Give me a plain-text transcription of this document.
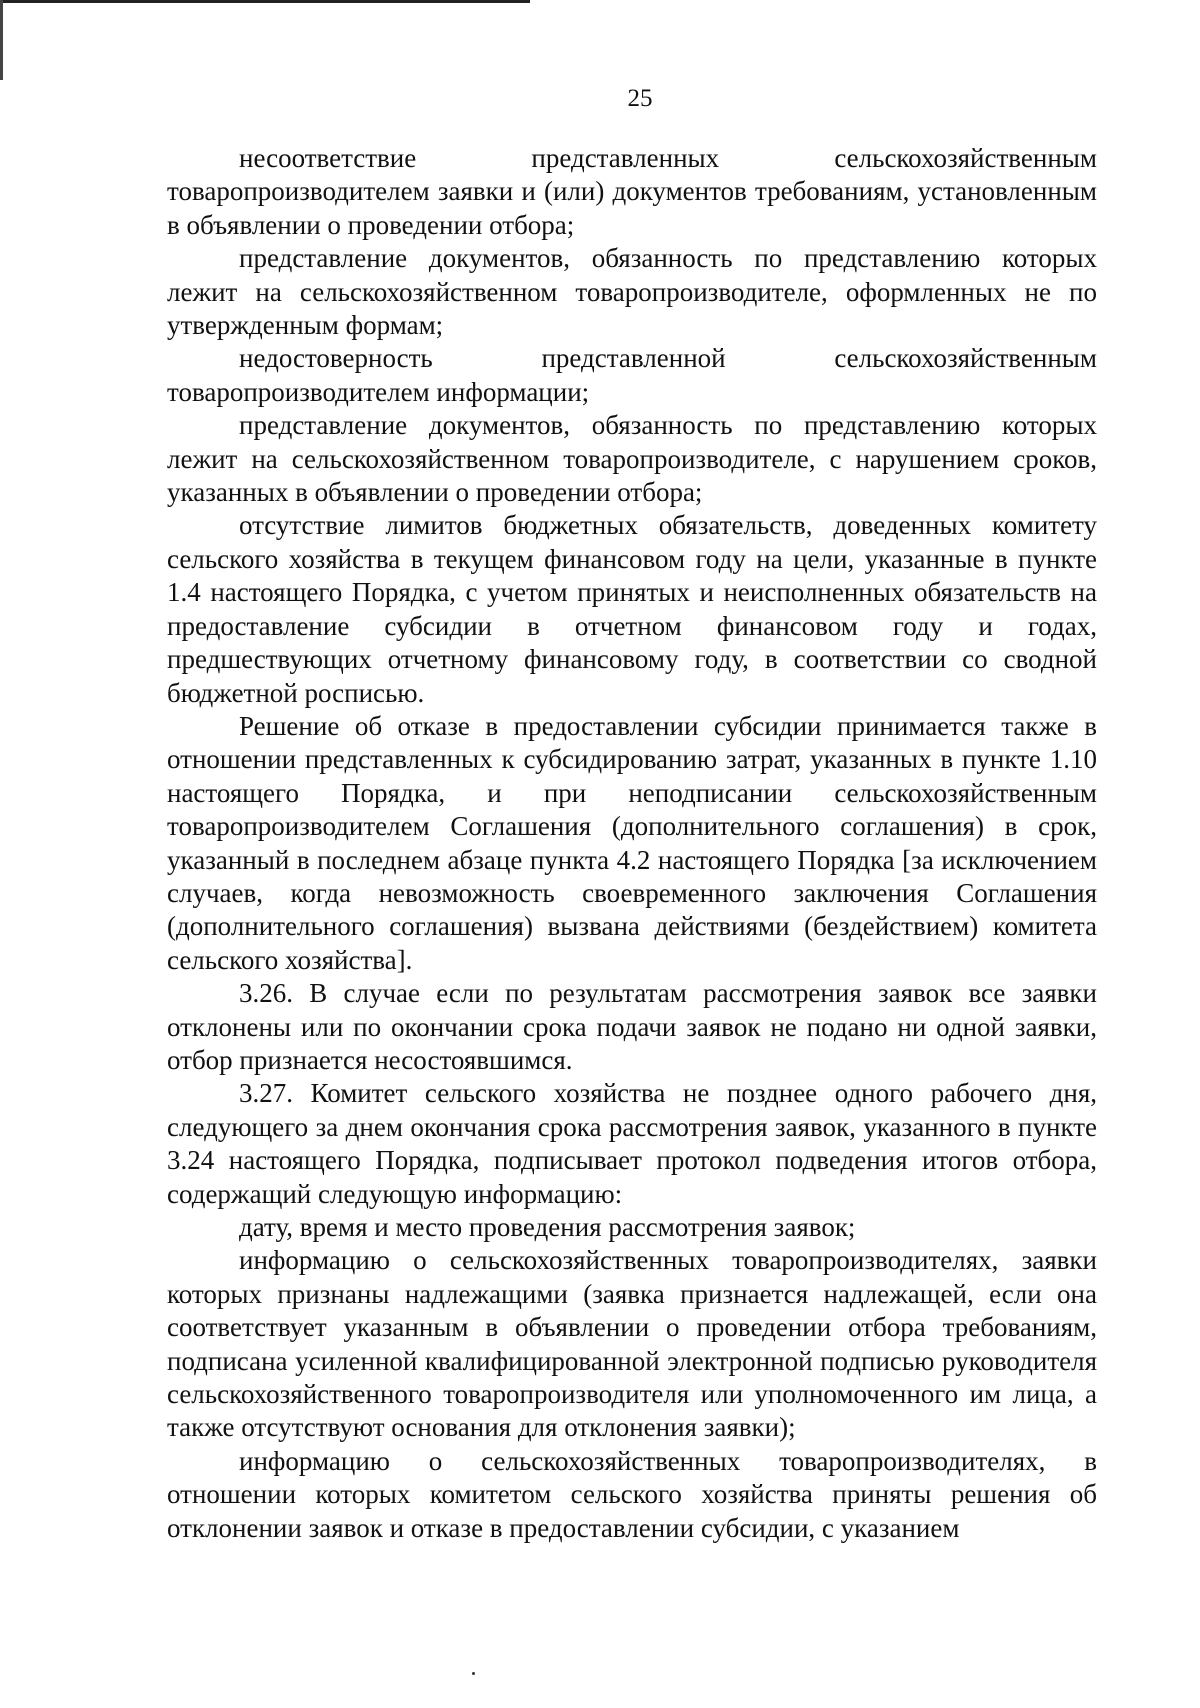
25

несоответствие представленных сельскохозяйственным товаропроизводителем заявки и (или) документов требованиям, установленным в объявлении о проведении отбора;

представление документов, обязанность по представлению которых лежит на сельскохозяйственном товаропроизводителе, оформленных не по утвержденным формам;

недостоверность представленной сельскохозяйственным товаропроизводителем информации;

представление документов, обязанность по представлению которых лежит на сельскохозяйственном товаропроизводителе, с нарушением сроков, указанных в объявлении о проведении отбора;

отсутствие лимитов бюджетных обязательств, доведенных комитету сельского хозяйства в текущем финансовом году на цели, указанные в пункте 1.4 настоящего Порядка, с учетом принятых и неисполненных обязательств на предоставление субсидии в отчетном финансовом году и годах, предшествующих отчетному финансовому году, в соответствии со сводной бюджетной росписью.

Решение об отказе в предоставлении субсидии принимается также в отношении представленных к субсидированию затрат, указанных в пункте 1.10 настоящего Порядка, и при неподписании сельскохозяйственным товаропроизводителем Соглашения (дополнительного соглашения) в срок, указанный в последнем абзаце пункта 4.2 настоящего Порядка [за исключением случаев, когда невозможность своевременного заключения Соглашения (дополнительного соглашения) вызвана действиями (бездействием) комитета сельского хозяйства].

3.26. В случае если по результатам рассмотрения заявок все заявки отклонены или по окончании срока подачи заявок не подано ни одной заявки, отбор признается несостоявшимся.

3.27. Комитет сельского хозяйства не позднее одного рабочего дня, следующего за днем окончания срока рассмотрения заявок, указанного в пункте 3.24 настоящего Порядка, подписывает протокол подведения итогов отбора, содержащий следующую информацию:

дату, время и место проведения рассмотрения заявок;

информацию о сельскохозяйственных товаропроизводителях, заявки которых признаны надлежащими (заявка признается надлежащей, если она соответствует указанным в объявлении о проведении отбора требованиям, подписана усиленной квалифицированной электронной подписью руководителя сельскохозяйственного товаропроизводителя или уполномоченного им лица, а также отсутствуют основания для отклонения заявки);

информацию о сельскохозяйственных товаропроизводителях, в отношении которых комитетом сельского хозяйства приняты решения об отклонении заявок и отказе в предоставлении субсидии, с указанием
